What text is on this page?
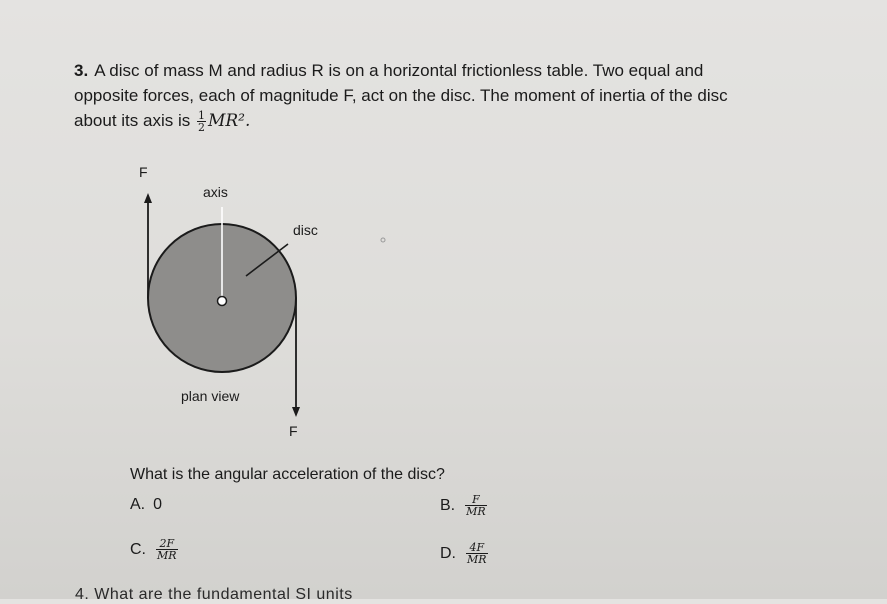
3. A disc of mass M and radius R is on a horizontal frictionless table. Two equal and

opposite forces, each of magnitude F, act on the disc. The moment of inertia of the disc

about its axis is $\frac{1}{2} MR^2$.

F
axis
disc
plan view
F
What is the angular acceleration of the disc?
A. 0	B. $\frac{F}{MR}$
C. $\frac{2F}{MR}$	D. $\frac{4F}{MR}$
4. What are the fundamental SI units
